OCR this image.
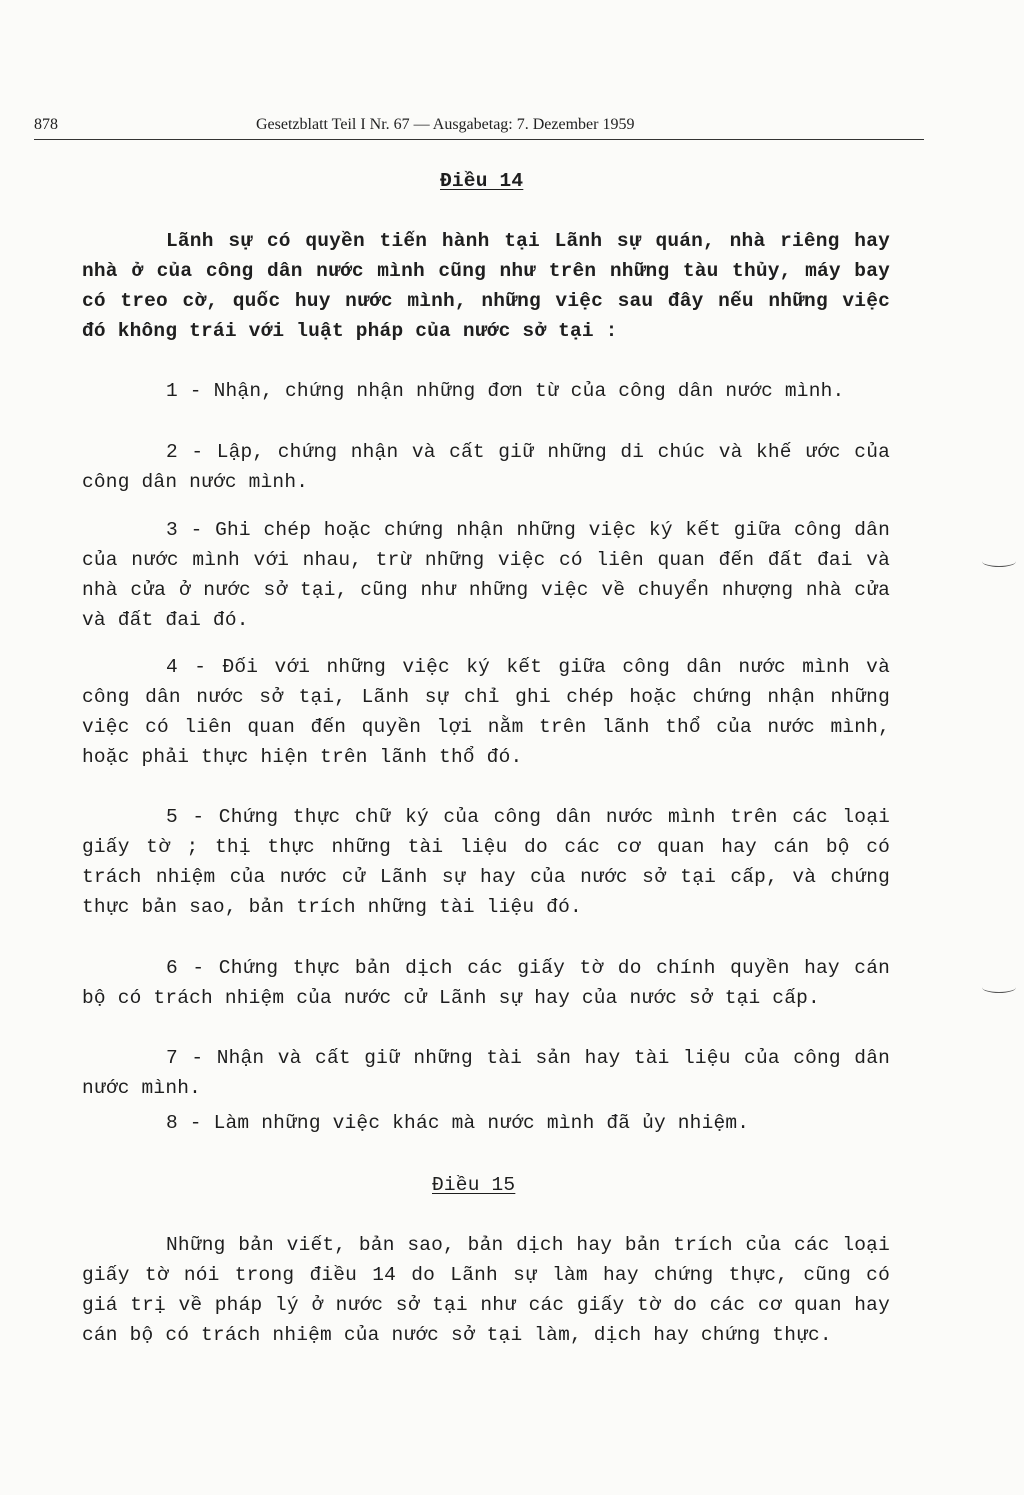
878	Gesetzblatt Teil I Nr. 67 — Ausgabetag: 7. Dezember 1959
Điều 14

Lãnh sự có quyền tiến hành tại Lãnh sự quán, nhà riêng hay nhà ở của công dân nước mình cũng như trên những tàu thủy, máy bay có treo cờ, quốc huy nước mình, những việc sau đây nếu những việc đó không trái với luật pháp của nước sở tại :

1 - Nhận, chứng nhận những đơn từ của công dân nước mình.

2 - Lập, chứng nhận và cất giữ những di chúc và khế ước của công dân nước mình.

3 - Ghi chép hoặc chứng nhận những việc ký kết giữa công dân của nước mình với nhau, trừ những việc có liên quan đến đất đai và nhà cửa ở nước sở tại, cũng như những việc về chuyển nhượng nhà cửa và đất đai đó.

4 - Đối với những việc ký kết giữa công dân nước mình và công dân nước sở tại, Lãnh sự chỉ ghi chép hoặc chứng nhận những việc có liên quan đến quyền lợi nằm trên lãnh thổ của nước mình, hoặc phải thực hiện trên lãnh thổ đó.

5 - Chứng thực chữ ký của công dân nước mình trên các loại giấy tờ ; thị thực những tài liệu do các cơ quan hay cán bộ có trách nhiệm của nước cử Lãnh sự hay của nước sở tại cấp, và chứng thực bản sao, bản trích những tài liệu đó.

6 - Chứng thực bản dịch các giấy tờ do chính quyền hay cán bộ có trách nhiệm của nước cử Lãnh sự hay của nước sở tại cấp.

7 - Nhận và cất giữ những tài sản hay tài liệu của công dân nước mình.

8 - Làm những việc khác mà nước mình đã ủy nhiệm.

Điều 15

Những bản viết, bản sao, bản dịch hay bản trích của các loại giấy tờ nói trong điều 14 do Lãnh sự làm hay chứng thực, cũng có giá trị về pháp lý ở nước sở tại như các giấy tờ do các cơ quan hay cán bộ có trách nhiệm của nước sở tại làm, dịch hay chứng thực.
